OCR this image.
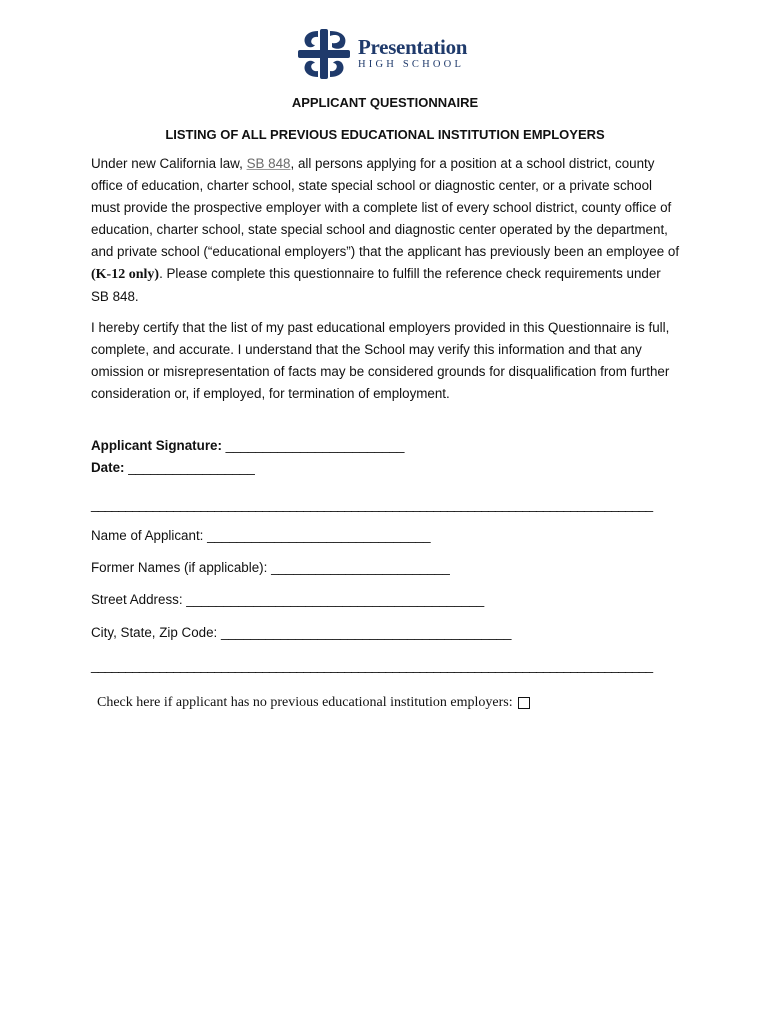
Presentation
HIGH SCHOOL
APPLICANT QUESTIONNAIRE
LISTING OF ALL PREVIOUS EDUCATIONAL INSTITUTION EMPLOYERS
Under new California law, SB 848, all persons applying for a position at a school district, county office of education, charter school, state special school or diagnostic center, or a private school must provide the prospective employer with a complete list of every school district, county office of education, charter school, state special school and diagnostic center operated by the department, and private school (“educational employers”) that the applicant has previously been an employee of (K-12 only). Please complete this questionnaire to fulfill the reference check requirements under SB 848.
I hereby certify that the list of my past educational employers provided in this Questionnaire is full, complete, and accurate. I understand that the School may verify this information and that any omission or misrepresentation of facts may be considered grounds for disqualification from further consideration or, if employed, for termination of employment.
Applicant Signature: ________________________
Date: _________________
__________________________________________________________________________________
Name of Applicant: ______________________________
Former Names (if applicable): ________________________
Street Address: ________________________________________
City, State, Zip Code: _______________________________________
__________________________________________________________________________________
Check here if applicant has no previous educational institution employers:
